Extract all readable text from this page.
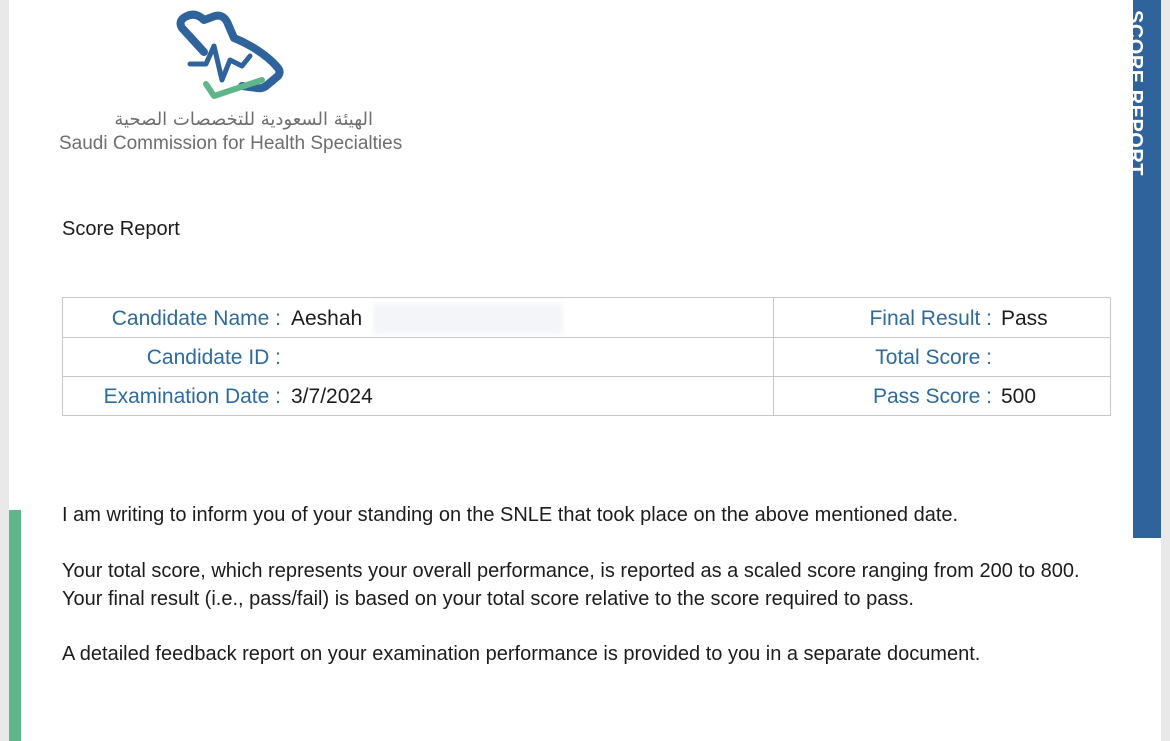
SCORE REPORT
الهيئة السعودية للتخصصات الصحية
Saudi Commission for Health Specialties
Score Report
Candidate Name : Aeshah	Final Result : Pass
Candidate ID :	Total Score :
Examination Date : 3/7/2024	Pass Score : 500
I am writing to inform you of your standing on the SNLE that took place on the above mentioned date.
Your total score, which represents your overall performance, is reported as a scaled score ranging from 200 to 800. Your final result (i.e., pass/fail) is based on your total score relative to the score required to pass.
A detailed feedback report on your examination performance is provided to you in a separate document.
